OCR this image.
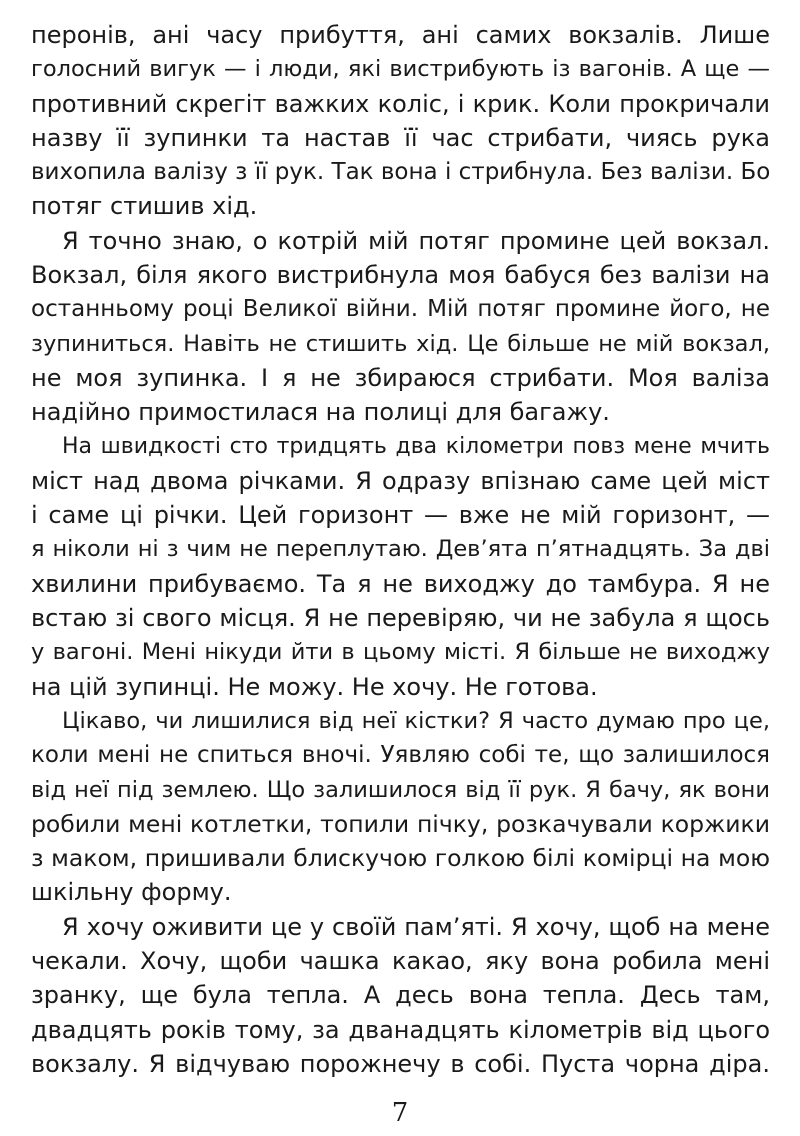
перонів, ані часу прибуття, ані самих вокзалів. Лише
голосний вигук — і люди, які вистрибують із вагонів. А ще —
противний скрегіт важких коліс, і крик. Коли прокричали
назву її зупинки та настав її час стрибати, чиясь рука
вихопила валізу з її рук. Так вона і стрибнула. Без валізи. Бо
потяг стишив хід.
Я точно знаю, о котрій мій потяг промине цей вокзал.
Вокзал, біля якого вистрибнула моя бабуся без валізи на
останньому році Великої війни. Мій потяг промине його, не
зупиниться. Навіть не стишить хід. Це більше не мій вокзал,
не моя зупинка. І я не збираюся стрибати. Моя валіза
надійно примостилася на полиці для багажу.
На швидкості сто тридцять два кілометри повз мене мчить
міст над двома річками. Я одразу впізнаю саме цей міст
і саме ці річки. Цей горизонт — вже не мій горизонт, —
я ніколи ні з чим не переплутаю. Дев’ята п’ятнадцять. За дві
хвилини прибуваємо. Та я не виходжу до тамбура. Я не
встаю зі свого місця. Я не перевіряю, чи не забула я щось
у вагоні. Мені нікуди йти в цьому місті. Я більше не виходжу
на цій зупинці. Не можу. Не хочу. Не готова.
Цікаво, чи лишилися від неї кістки? Я часто думаю про це,
коли мені не спиться вночі. Уявляю собі те, що залишилося
від неї під землею. Що залишилося від її рук. Я бачу, як вони
робили мені котлетки, топили пічку, розкачували коржики
з маком, пришивали блискучою голкою білі комірці на мою
шкільну форму.
Я хочу оживити це у своїй пам’яті. Я хочу, щоб на мене
чекали. Хочу, щоби чашка какао, яку вона робила мені
зранку, ще була тепла. А десь вона тепла. Десь там,
двадцять років тому, за дванадцять кілометрів від цього
вокзалу. Я відчуваю порожнечу в собі. Пуста чорна діра.
7
